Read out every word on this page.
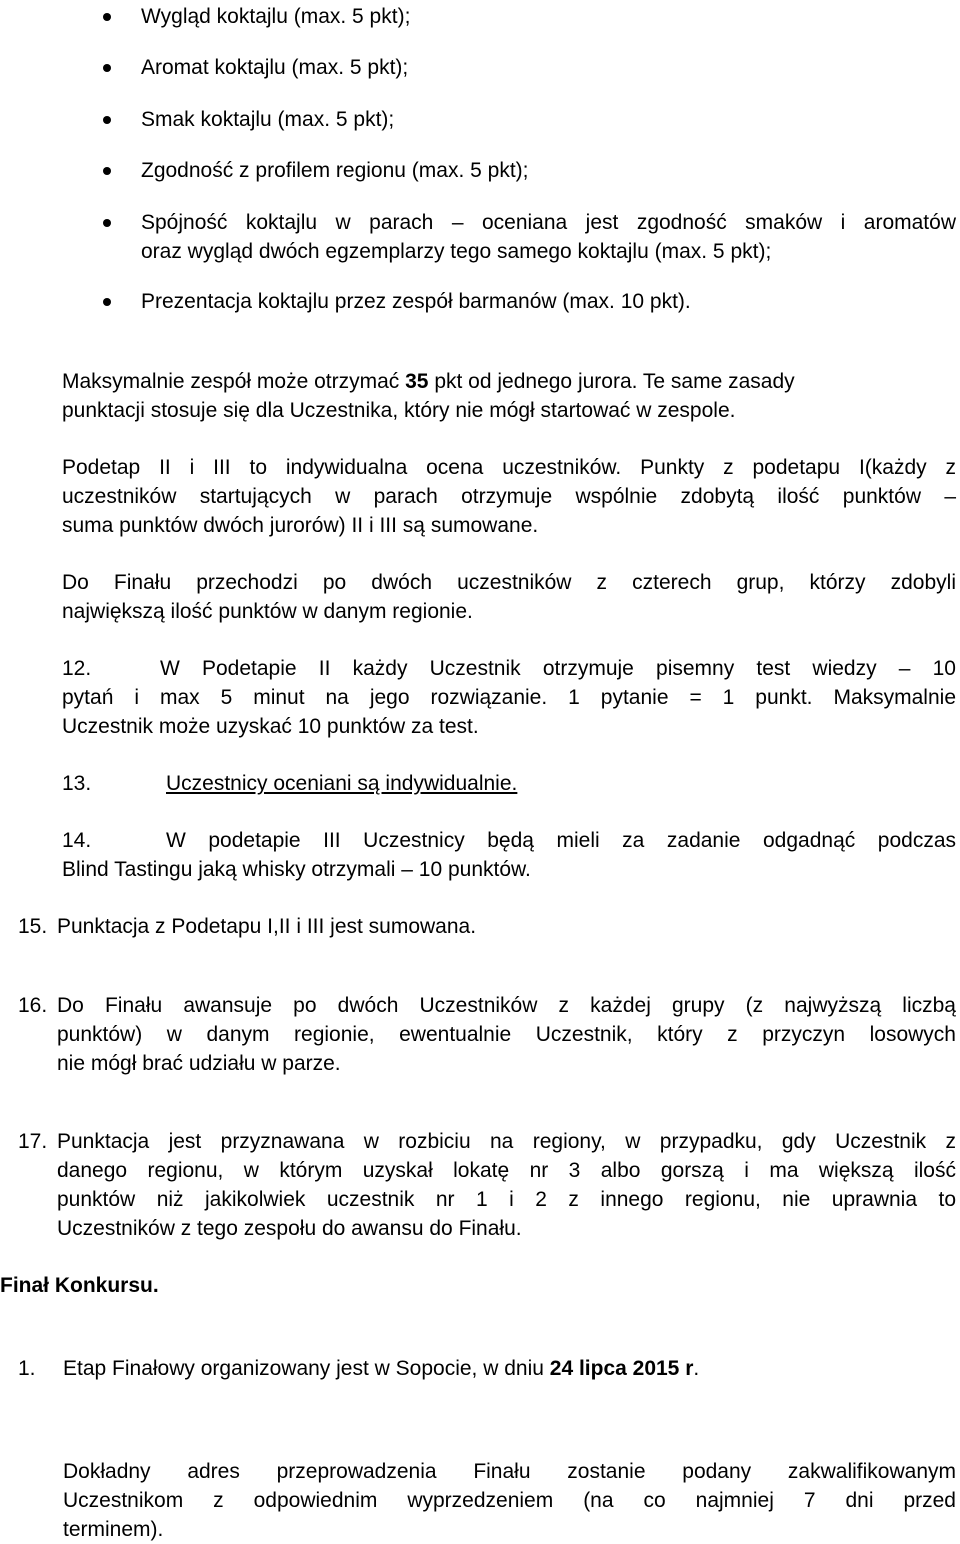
Wygląd koktajlu (max. 5 pkt);
Aromat koktajlu (max. 5 pkt);
Smak koktajlu (max. 5 pkt);
Zgodność z profilem regionu (max. 5 pkt);
Spójność koktajlu w parach – oceniana jest zgodność smaków i aromatów
oraz wygląd dwóch egzemplarzy tego samego koktajlu (max. 5 pkt);
Prezentacja koktajlu przez zespół barmanów (max. 10 pkt).
Maksymalnie zespół może otrzymać 35 pkt od jednego jurora. Te same zasady
punktacji stosuje się dla Uczestnika, który nie mógł startować w zespole.
Podetap II i III to indywidualna ocena uczestników. Punkty z podetapu I(każdy z
uczestników startujących w parach otrzymuje wspólnie zdobytą ilość punktów –
suma punktów dwóch jurorów) II i III są sumowane.
Do Finału przechodzi po dwóch uczestników z czterech grup, którzy zdobyli
największą ilość punktów w danym regionie.
12.	W Podetapie II każdy Uczestnik otrzymuje pisemny test wiedzy – 10
pytań i max 5 minut na jego rozwiązanie. 1 pytanie = 1 punkt. Maksymalnie
Uczestnik może uzyskać 10 punktów za test.
13.	Uczestnicy oceniani są indywidualnie.
14.	W podetapie III Uczestnicy będą mieli za zadanie odgadnąć podczas
Blind Tastingu jaką whisky otrzymali – 10 punktów.
15. Punktacja z Podetapu I,II i III jest sumowana.
16. Do Finału awansuje po dwóch Uczestników z każdej grupy (z najwyższą liczbą
punktów) w danym regionie, ewentualnie Uczestnik, który z przyczyn losowych
nie mógł brać udziału w parze.
17. Punktacja jest przyznawana w rozbiciu na regiony, w przypadku, gdy Uczestnik z
danego regionu, w którym uzyskał lokatę nr 3 albo gorszą i ma większą ilość
punktów niż jakikolwiek uczestnik nr 1 i 2 z innego regionu, nie uprawnia to
Uczestników z tego zespołu do awansu do Finału.
Finał Konkursu.
1. Etap Finałowy organizowany jest w Sopocie, w dniu 24 lipca 2015 r.
Dokładny adres przeprowadzenia Finału zostanie podany zakwalifikowanym
Uczestnikom z odpowiednim wyprzedzeniem (na co najmniej 7 dni przed
terminem).
